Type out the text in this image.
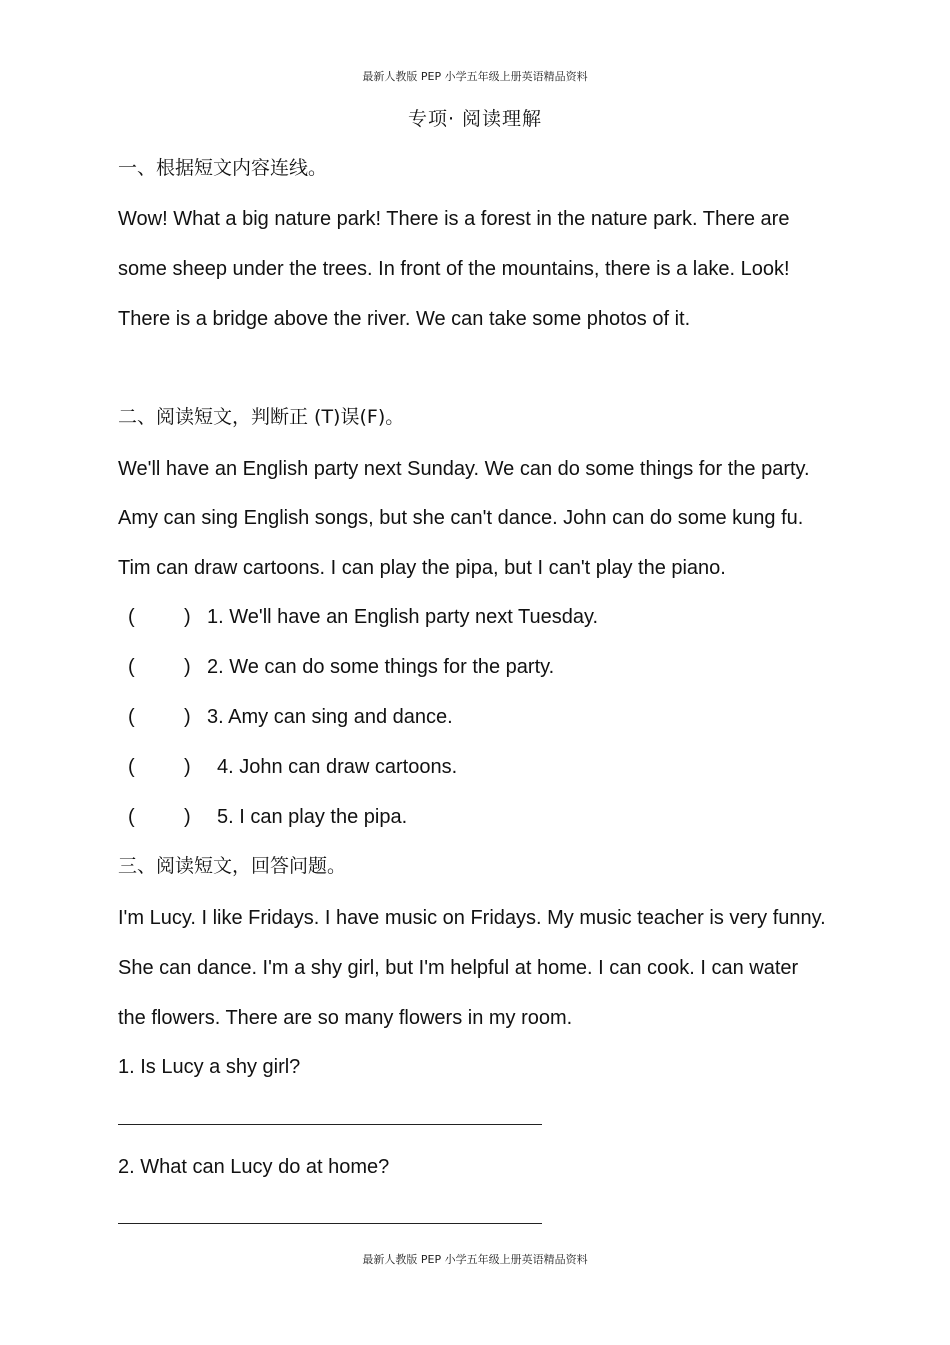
最新人教版 PEP 小学五年级上册英语精品资料
专项· 阅读理解
一、根据短文内容连线。
Wow! What a big nature park! There is a forest in the nature park. There are
some sheep under the trees. In front of the mountains, there is a lake. Look!
There is a bridge above the river. We can take some photos of it.
二、阅读短文，判断正 (T)误(F)。
We'll have an English party next Sunday. We can do some things for the party.
Amy can sing English songs, but she can't dance. John can do some kung fu.
Tim can draw cartoons. I can play the pipa, but I can't play the piano.
( ) 1. We'll have an English party next Tuesday.
( ) 2. We can do some things for the party.
( ) 3. Amy can sing and dance.
( ) 4. John can draw cartoons.
( ) 5. I can play the pipa.
三、阅读短文，回答问题。
I'm Lucy. I like Fridays. I have music on Fridays. My music teacher is very funny.
She can dance. I'm a shy girl, but I'm helpful at home. I can cook. I can water
the flowers. There are so many flowers in my room.
1. Is Lucy a shy girl?
2. What can Lucy do at home?
最新人教版 PEP 小学五年级上册英语精品资料
